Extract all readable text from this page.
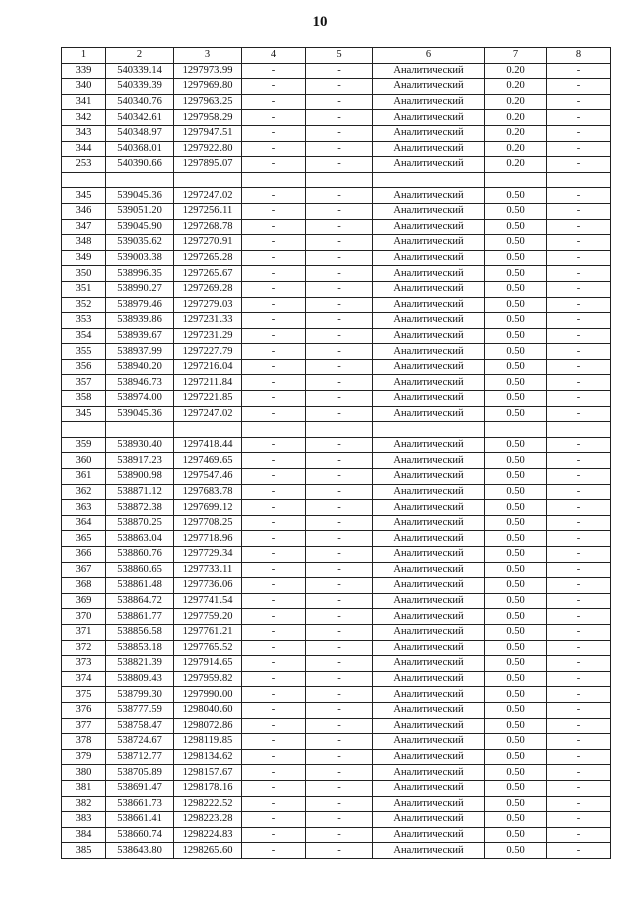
10
1	2	3	4	5	6	7	8
339	540339.14	1297973.99	-	-	Аналитический	0.20	-
340	540339.39	1297969.80	-	-	Аналитический	0.20	-
341	540340.76	1297963.25	-	-	Аналитический	0.20	-
342	540342.61	1297958.29	-	-	Аналитический	0.20	-
343	540348.97	1297947.51	-	-	Аналитический	0.20	-
344	540368.01	1297922.80	-	-	Аналитический	0.20	-
253	540390.66	1297895.07	-	-	Аналитический	0.20	-

345	539045.36	1297247.02	-	-	Аналитический	0.50	-
346	539051.20	1297256.11	-	-	Аналитический	0.50	-
347	539045.90	1297268.78	-	-	Аналитический	0.50	-
348	539035.62	1297270.91	-	-	Аналитический	0.50	-
349	539003.38	1297265.28	-	-	Аналитический	0.50	-
350	538996.35	1297265.67	-	-	Аналитический	0.50	-
351	538990.27	1297269.28	-	-	Аналитический	0.50	-
352	538979.46	1297279.03	-	-	Аналитический	0.50	-
353	538939.86	1297231.33	-	-	Аналитический	0.50	-
354	538939.67	1297231.29	-	-	Аналитический	0.50	-
355	538937.99	1297227.79	-	-	Аналитический	0.50	-
356	538940.20	1297216.04	-	-	Аналитический	0.50	-
357	538946.73	1297211.84	-	-	Аналитический	0.50	-
358	538974.00	1297221.85	-	-	Аналитический	0.50	-
345	539045.36	1297247.02	-	-	Аналитический	0.50	-

359	538930.40	1297418.44	-	-	Аналитический	0.50	-
360	538917.23	1297469.65	-	-	Аналитический	0.50	-
361	538900.98	1297547.46	-	-	Аналитический	0.50	-
362	538871.12	1297683.78	-	-	Аналитический	0.50	-
363	538872.38	1297699.12	-	-	Аналитический	0.50	-
364	538870.25	1297708.25	-	-	Аналитический	0.50	-
365	538863.04	1297718.96	-	-	Аналитический	0.50	-
366	538860.76	1297729.34	-	-	Аналитический	0.50	-
367	538860.65	1297733.11	-	-	Аналитический	0.50	-
368	538861.48	1297736.06	-	-	Аналитический	0.50	-
369	538864.72	1297741.54	-	-	Аналитический	0.50	-
370	538861.77	1297759.20	-	-	Аналитический	0.50	-
371	538856.58	1297761.21	-	-	Аналитический	0.50	-
372	538853.18	1297765.52	-	-	Аналитический	0.50	-
373	538821.39	1297914.65	-	-	Аналитический	0.50	-
374	538809.43	1297959.82	-	-	Аналитический	0.50	-
375	538799.30	1297990.00	-	-	Аналитический	0.50	-
376	538777.59	1298040.60	-	-	Аналитический	0.50	-
377	538758.47	1298072.86	-	-	Аналитический	0.50	-
378	538724.67	1298119.85	-	-	Аналитический	0.50	-
379	538712.77	1298134.62	-	-	Аналитический	0.50	-
380	538705.89	1298157.67	-	-	Аналитический	0.50	-
381	538691.47	1298178.16	-	-	Аналитический	0.50	-
382	538661.73	1298222.52	-	-	Аналитический	0.50	-
383	538661.41	1298223.28	-	-	Аналитический	0.50	-
384	538660.74	1298224.83	-	-	Аналитический	0.50	-
385	538643.80	1298265.60	-	-	Аналитический	0.50	-
